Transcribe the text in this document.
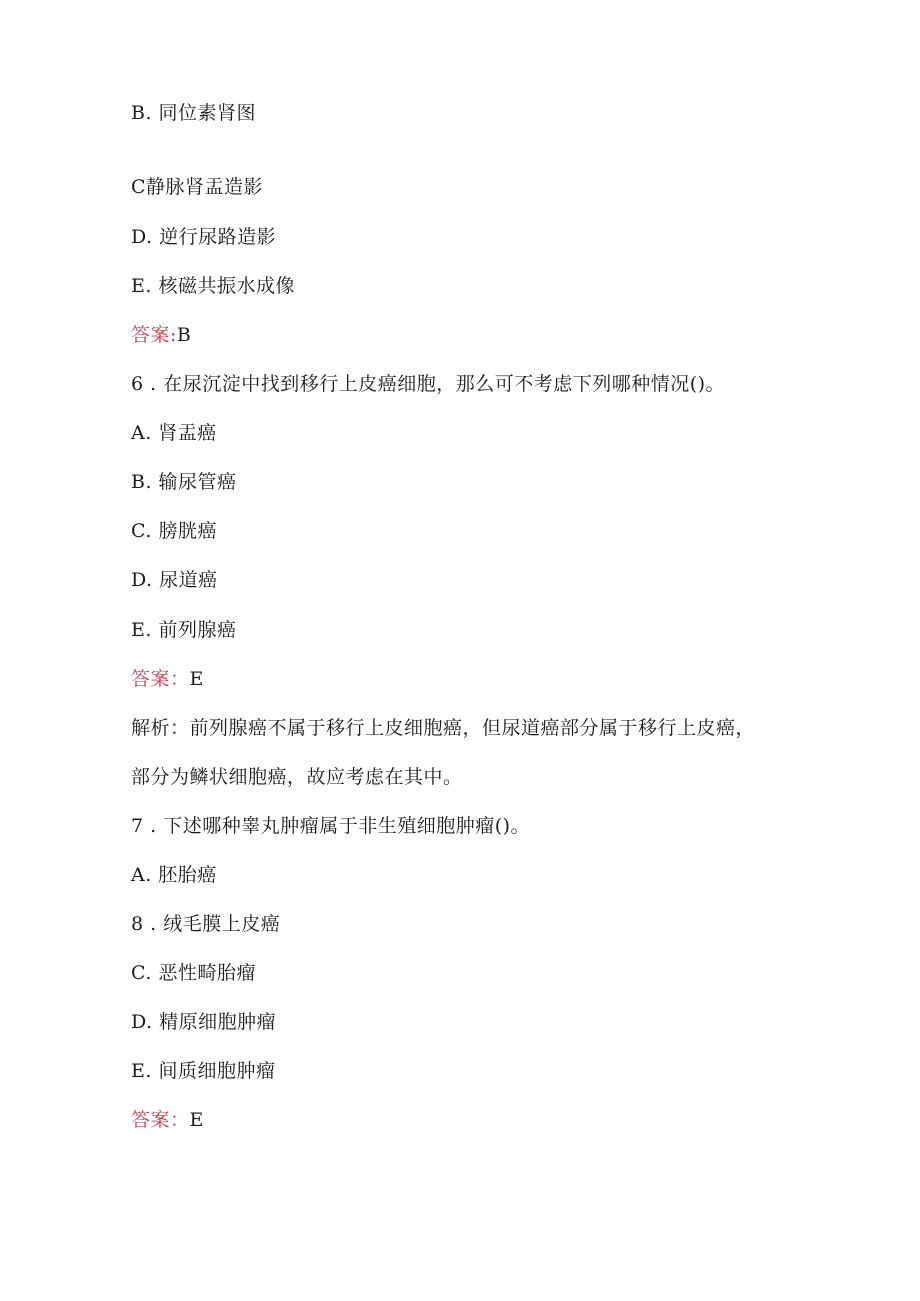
B. 同位素肾图
C静脉肾盂造影
D. 逆行尿路造影
E. 核磁共振水成像
答案:B
6 . 在尿沉淀中找到移行上皮癌细胞，那么可不考虑下列哪种情况()。
A. 肾盂癌
B. 输尿管癌
C. 膀胱癌
D. 尿道癌
E. 前列腺癌
答案：E
解析：前列腺癌不属于移行上皮细胞癌，但尿道癌部分属于移行上皮癌，
部分为鳞状细胞癌，故应考虑在其中。
7 . 下述哪种睾丸肿瘤属于非生殖细胞肿瘤()。
A. 胚胎癌
8 . 绒毛膜上皮癌
C. 恶性畸胎瘤
D. 精原细胞肿瘤
E. 间质细胞肿瘤
答案：E
